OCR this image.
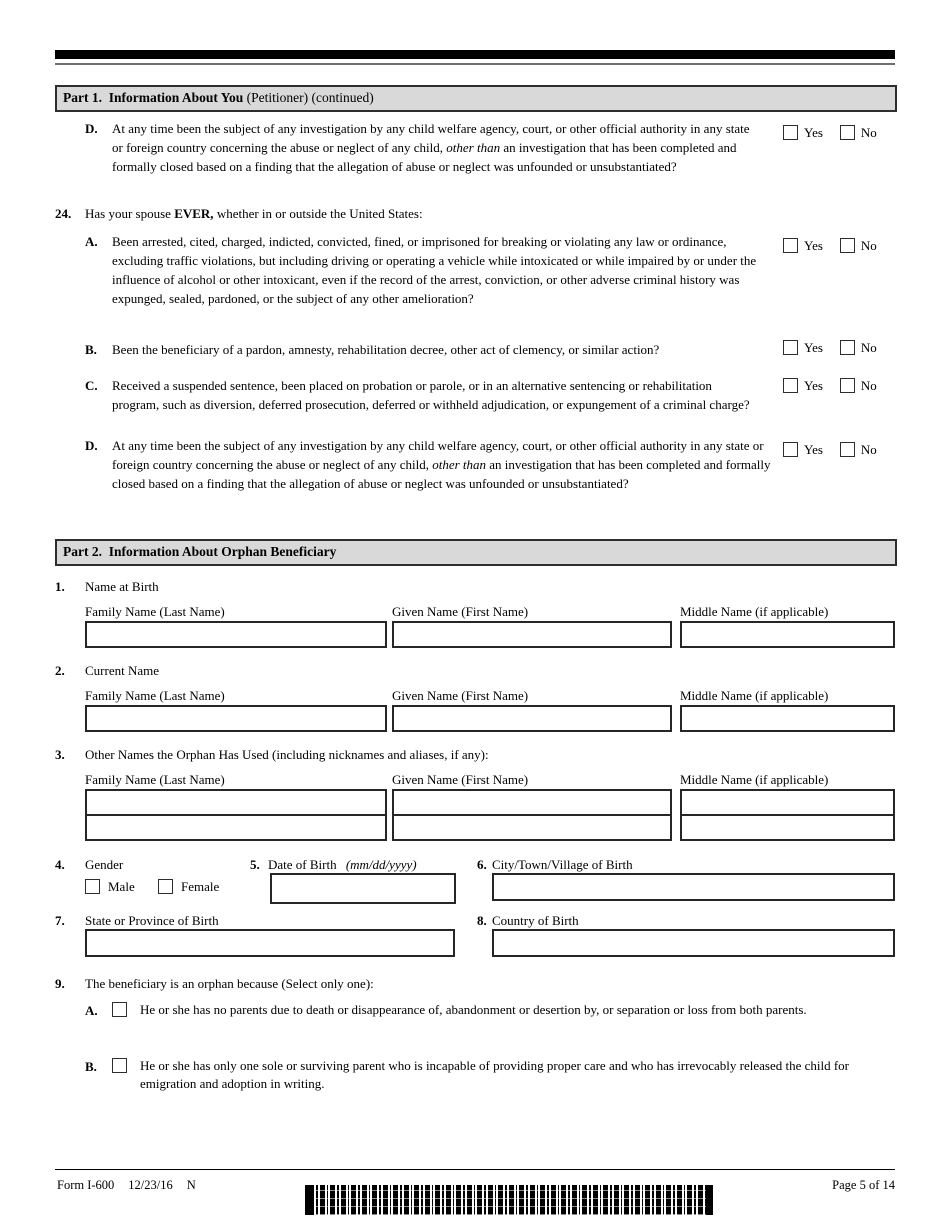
Part 1.  Information About You (Petitioner) (continued)
D. At any time been the subject of any investigation by any child welfare agency, court, or other official authority in any state or foreign country concerning the abuse or neglect of any child, other than an investigation that has been completed and formally closed based on a finding that the allegation of abuse or neglect was unfounded or unsubstantiated?
Yes	No
24. Has your spouse EVER, whether in or outside the United States:
A. Been arrested, cited, charged, indicted, convicted, fined, or imprisoned for breaking or violating any law or ordinance, excluding traffic violations, but including driving or operating a vehicle while intoxicated or while impaired by or under the influence of alcohol or other intoxicant, even if the record of the arrest, conviction, or other adverse criminal history was expunged, sealed, pardoned, or the subject of any other amelioration?
Yes	No
B. Been the beneficiary of a pardon, amnesty, rehabilitation decree, other act of clemency, or similar action?	Yes	No
C. Received a suspended sentence, been placed on probation or parole, or in an alternative sentencing or rehabilitation program, such as diversion, deferred prosecution, deferred or withheld adjudication, or expungement of a criminal charge?
Yes	No
D. At any time been the subject of any investigation by any child welfare agency, court, or other official authority in any state or foreign country concerning the abuse or neglect of any child, other than an investigation that has been completed and formally closed based on a finding that the allegation of abuse or neglect was unfounded or unsubstantiated?
Yes	No
Part 2.  Information About Orphan Beneficiary
1. Name at Birth
Family Name (Last Name)	Given Name (First Name)	Middle Name (if applicable)
2. Current Name
Family Name (Last Name)	Given Name (First Name)	Middle Name (if applicable)
3. Other Names the Orphan Has Used (including nicknames and aliases, if any):
Family Name (Last Name)	Given Name (First Name)	Middle Name (if applicable)
4. Gender
Male	Female
5. Date of Birth (mm/dd/yyyy)	6. City/Town/Village of Birth
7. State or Province of Birth	8. Country of Birth
9. The beneficiary is an orphan because (Select only one):
A.	He or she has no parents due to death or disappearance of, abandonment or desertion by, or separation or loss from both parents.
B.	He or she has only one sole or surviving parent who is incapable of providing proper care and who has irrevocably released the child for emigration and adoption in writing.
Form I-600 12/23/16 N	Page 5 of 14
